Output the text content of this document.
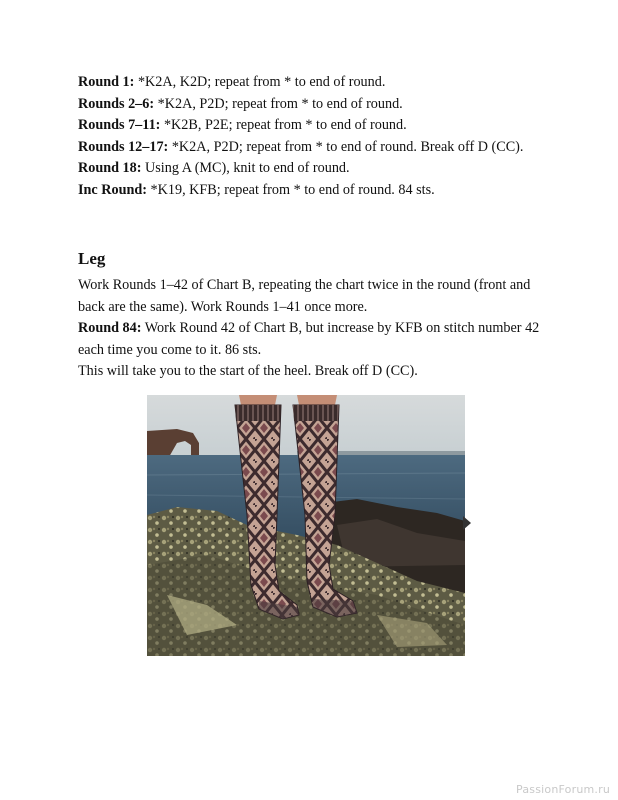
Round 1: *K2A, K2D; repeat from * to end of round.

Rounds 2–6: *K2A, P2D; repeat from * to end of round.

Rounds 7–11: *K2B, P2E; repeat from * to end of round.

Rounds 12–17: *K2A, P2D; repeat from * to end of round. Break off D (CC).

Round 18: Using A (MC), knit to end of round.

Inc Round: *K19, KFB; repeat from * to end of round. 84 sts.

Leg

Work Rounds 1–42 of Chart B, repeating the chart twice in the round (front and back are the same). Work Rounds 1–41 once more.

Round 84: Work Round 42 of Chart B, but increase by KFB on stitch number 42 each time you come to it. 86 sts.

This will take you to the start of the heel. Break off D (CC).

PassionForum.ru
